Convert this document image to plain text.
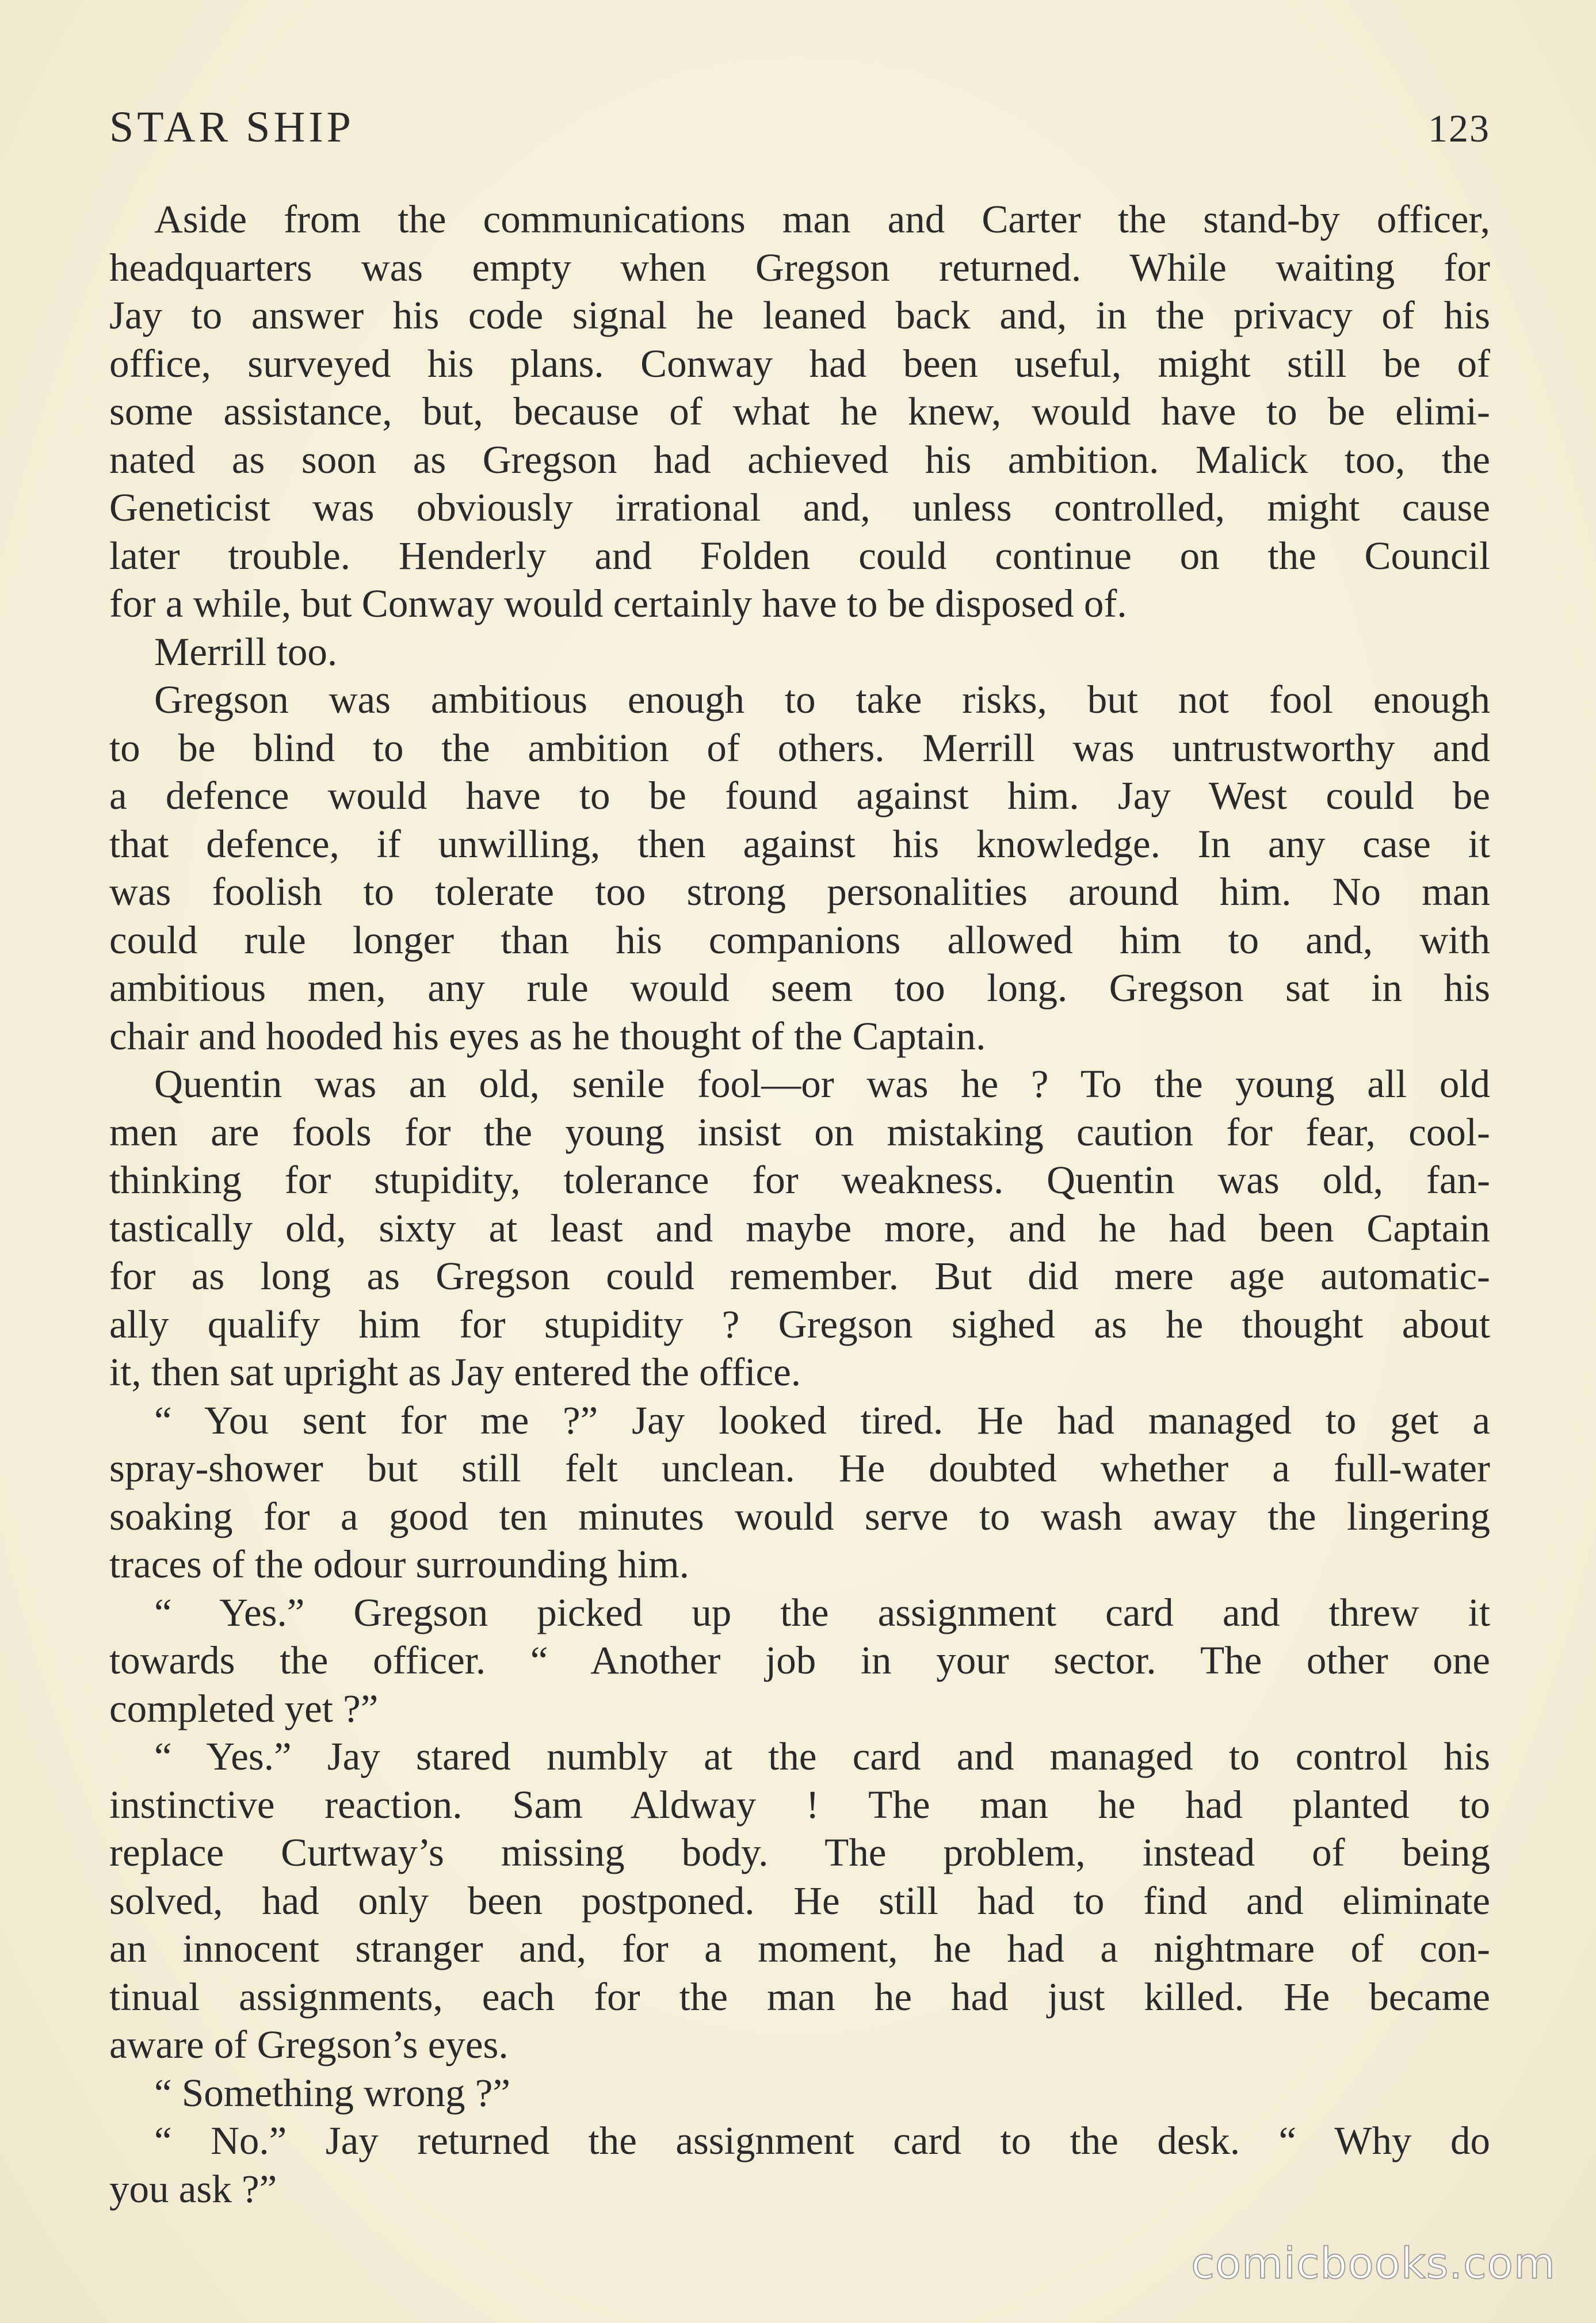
STAR SHIP	123
Aside from the communications man and Carter the stand-by officer,
headquarters was empty when Gregson returned. While waiting for
Jay to answer his code signal he leaned back and, in the privacy of his
office, surveyed his plans. Conway had been useful, might still be of
some assistance, but, because of what he knew, would have to be elimi-
nated as soon as Gregson had achieved his ambition. Malick too, the
Geneticist was obviously irrational and, unless controlled, might cause
later trouble. Henderly and Folden could continue on the Council
for a while, but Conway would certainly have to be disposed of.
Merrill too.
Gregson was ambitious enough to take risks, but not fool enough
to be blind to the ambition of others. Merrill was untrustworthy and
a defence would have to be found against him. Jay West could be
that defence, if unwilling, then against his knowledge. In any case it
was foolish to tolerate too strong personalities around him. No man
could rule longer than his companions allowed him to and, with
ambitious men, any rule would seem too long. Gregson sat in his
chair and hooded his eyes as he thought of the Captain.
Quentin was an old, senile fool—or was he ? To the young all old
men are fools for the young insist on mistaking caution for fear, cool-
thinking for stupidity, tolerance for weakness. Quentin was old, fan-
tastically old, sixty at least and maybe more, and he had been Captain
for as long as Gregson could remember. But did mere age automatic-
ally qualify him for stupidity ? Gregson sighed as he thought about
it, then sat upright as Jay entered the office.
“ You sent for me ?” Jay looked tired. He had managed to get a
spray-shower but still felt unclean. He doubted whether a full-water
soaking for a good ten minutes would serve to wash away the lingering
traces of the odour surrounding him.
“ Yes.” Gregson picked up the assignment card and threw it
towards the officer. “ Another job in your sector. The other one
completed yet ?”
“ Yes.” Jay stared numbly at the card and managed to control his
instinctive reaction. Sam Aldway ! The man he had planted to
replace Curtway’s missing body. The problem, instead of being
solved, had only been postponed. He still had to find and eliminate
an innocent stranger and, for a moment, he had a nightmare of con-
tinual assignments, each for the man he had just killed. He became
aware of Gregson’s eyes.
“ Something wrong ?”
“ No.” Jay returned the assignment card to the desk. “ Why do
you ask ?”
comicbooks.com
